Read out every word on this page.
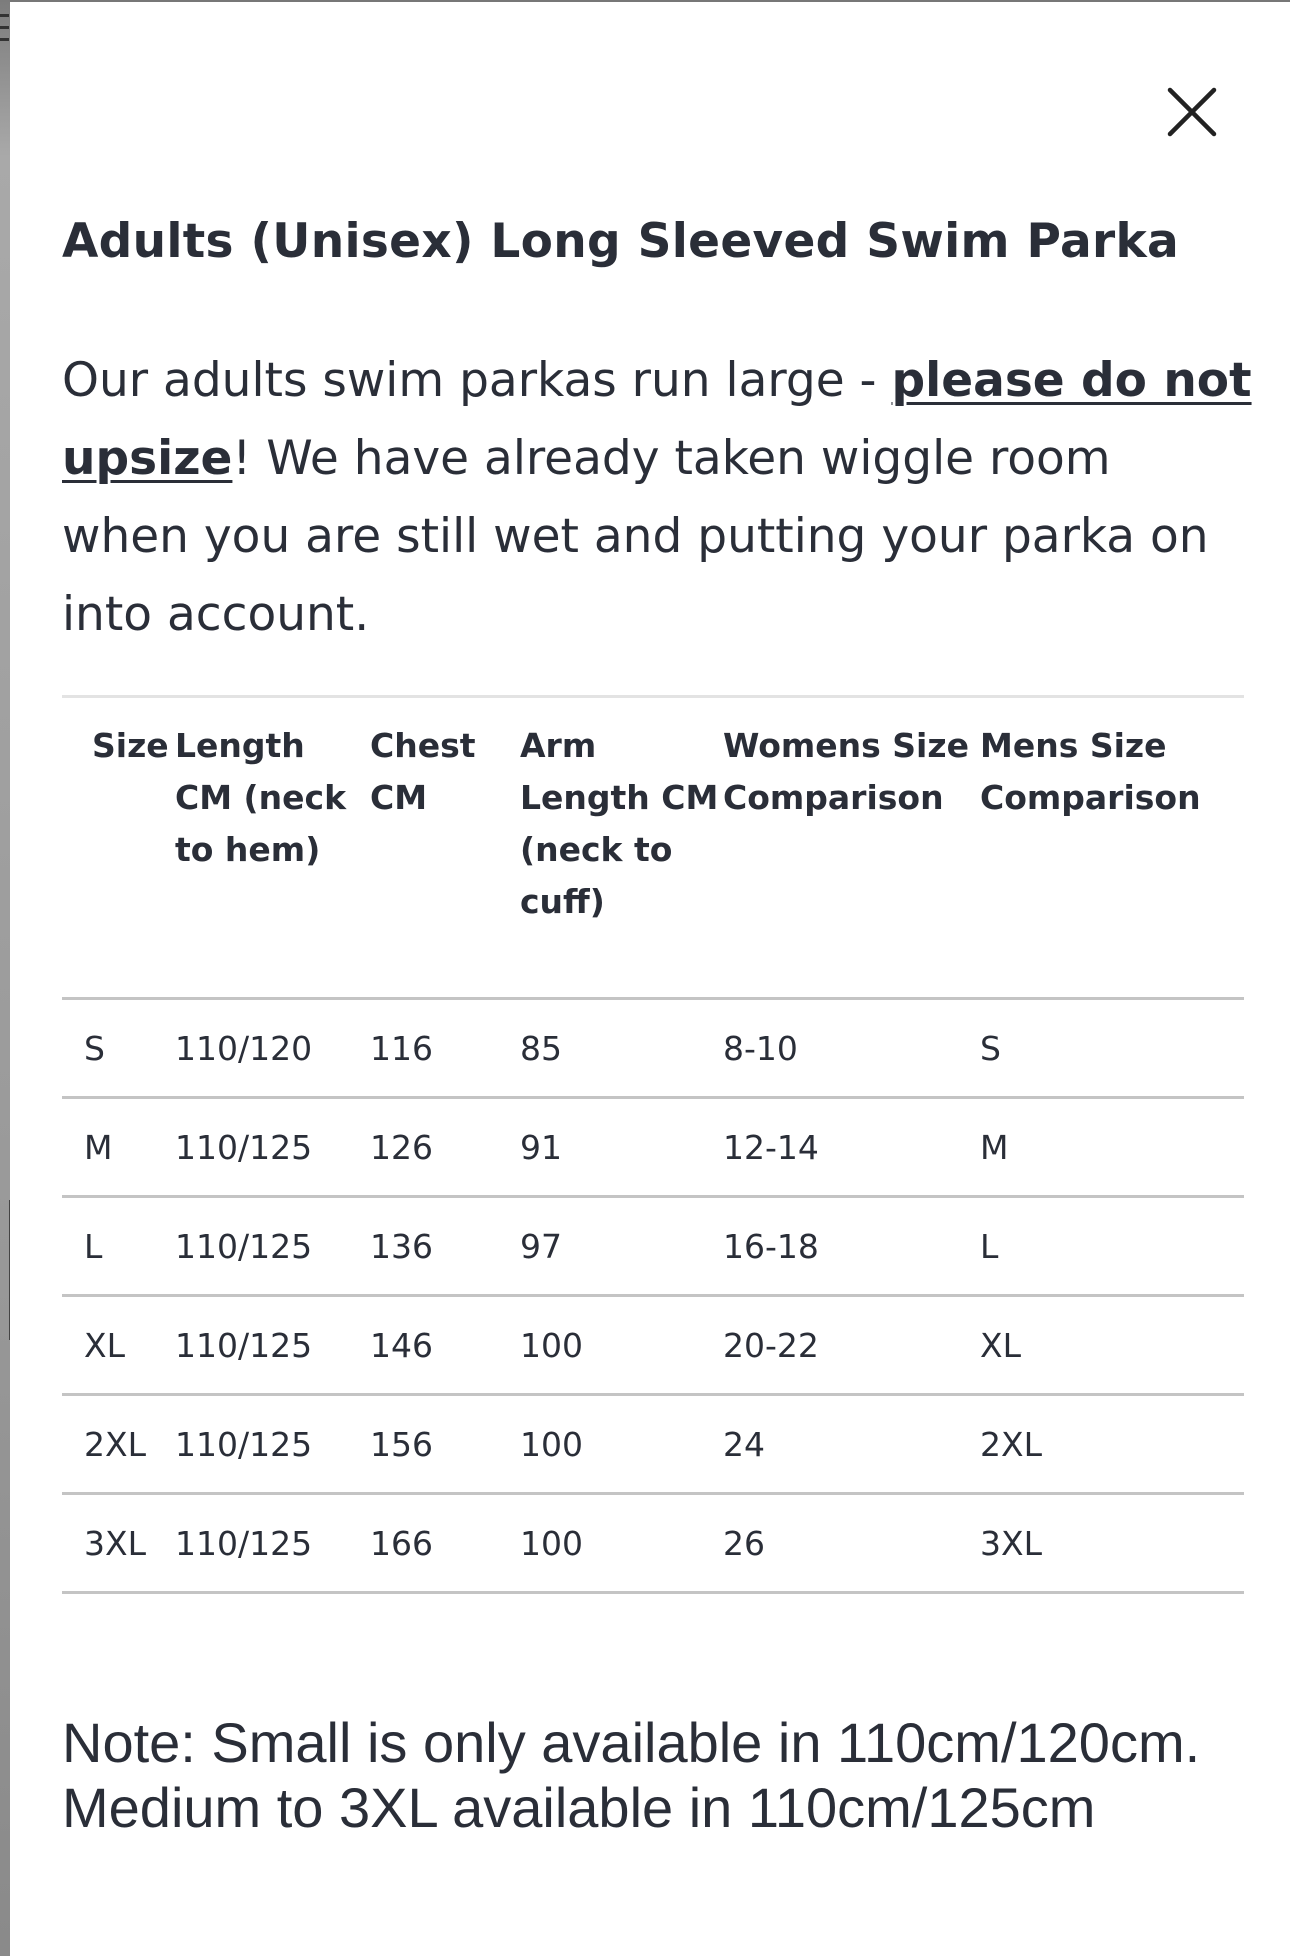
Adults (Unisex) Long Sleeved Swim Parka

Our adults swim parkas run large - please do not upsize! We have already taken wiggle room when you are still wet and putting your parka on into account.

Size	Length CM (neck to hem)	Chest CM	Arm Length CM (neck to cuff)	Womens Size Comparison	Mens Size Comparison
S	110/120	116	85	8-10	S
M	110/125	126	91	12-14	M
L	110/125	136	97	16-18	L
XL	110/125	146	100	20-22	XL
2XL	110/125	156	100	24	2XL
3XL	110/125	166	100	26	3XL

Note: Small is only available in 110cm/120cm. Medium to 3XL available in 110cm/125cm
